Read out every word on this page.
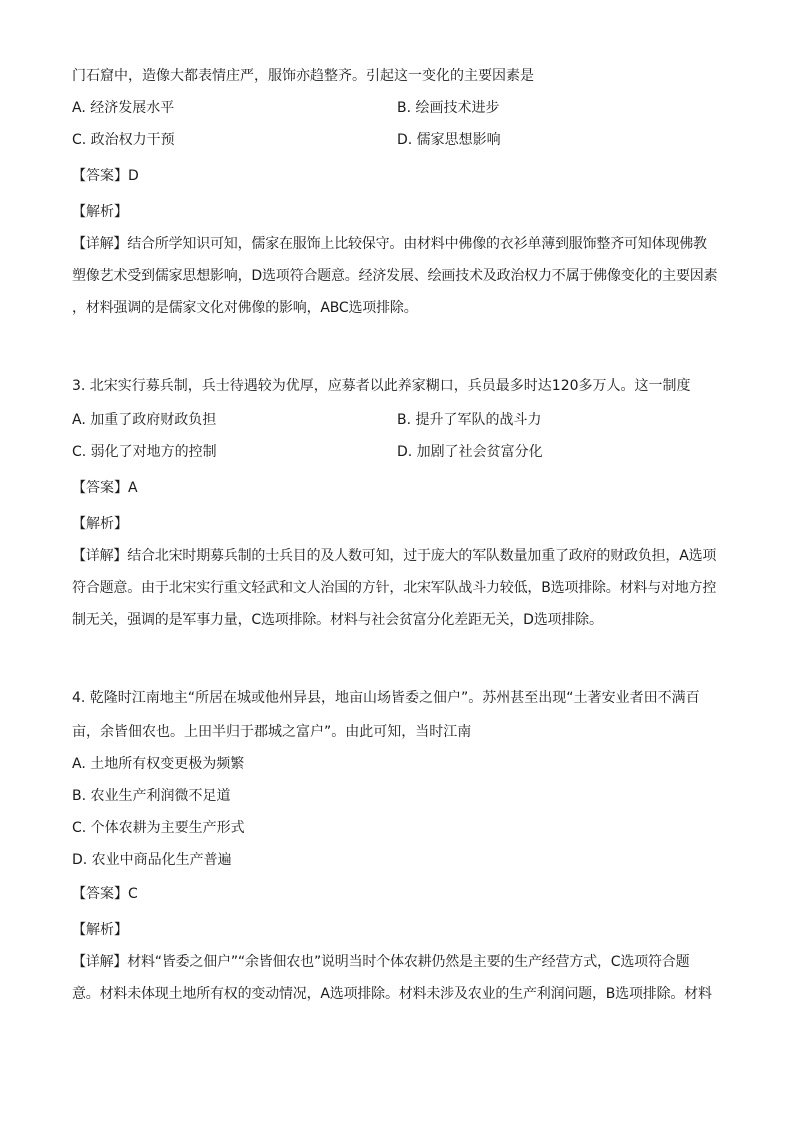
门石窟中，造像大都表情庄严，服饰亦趋整齐。引起这一变化的主要因素是
A. 经济发展水平	B. 绘画技术进步
C. 政治权力干预	D. 儒家思想影响
【答案】D
【解析】
【详解】结合所学知识可知，儒家在服饰上比较保守。由材料中佛像的衣衫单薄到服饰整齐可知体现佛教
塑像艺术受到儒家思想影响，D选项符合题意。经济发展、绘画技术及政治权力不属于佛像变化的主要因素
，材料强调的是儒家文化对佛像的影响，ABC选项排除。
3. 北宋实行募兵制，兵士待遇较为优厚，应募者以此养家糊口，兵员最多时达120多万人。这一制度
A. 加重了政府财政负担	B. 提升了军队的战斗力
C. 弱化了对地方的控制	D. 加剧了社会贫富分化
【答案】A
【解析】
【详解】结合北宋时期募兵制的士兵目的及人数可知，过于庞大的军队数量加重了政府的财政负担，A选项
符合题意。由于北宋实行重文轻武和文人治国的方针，北宋军队战斗力较低，B选项排除。材料与对地方控
制无关，强调的是军事力量，C选项排除。材料与社会贫富分化差距无关，D选项排除。
4. 乾隆时江南地主“所居在城或他州异县，地亩山场皆委之佃户”。苏州甚至出现“土著安业者田不满百
亩，余皆佃农也。上田半归于郡城之富户”。由此可知，当时江南
A. 土地所有权变更极为频繁
B. 农业生产利润微不足道
C. 个体农耕为主要生产形式
D. 农业中商品化生产普遍
【答案】C
【解析】
【详解】材料“皆委之佃户”“余皆佃农也”说明当时个体农耕仍然是主要的生产经营方式，C选项符合题
意。材料未体现土地所有权的变动情况，A选项排除。材料未涉及农业的生产利润问题，B选项排除。材料
